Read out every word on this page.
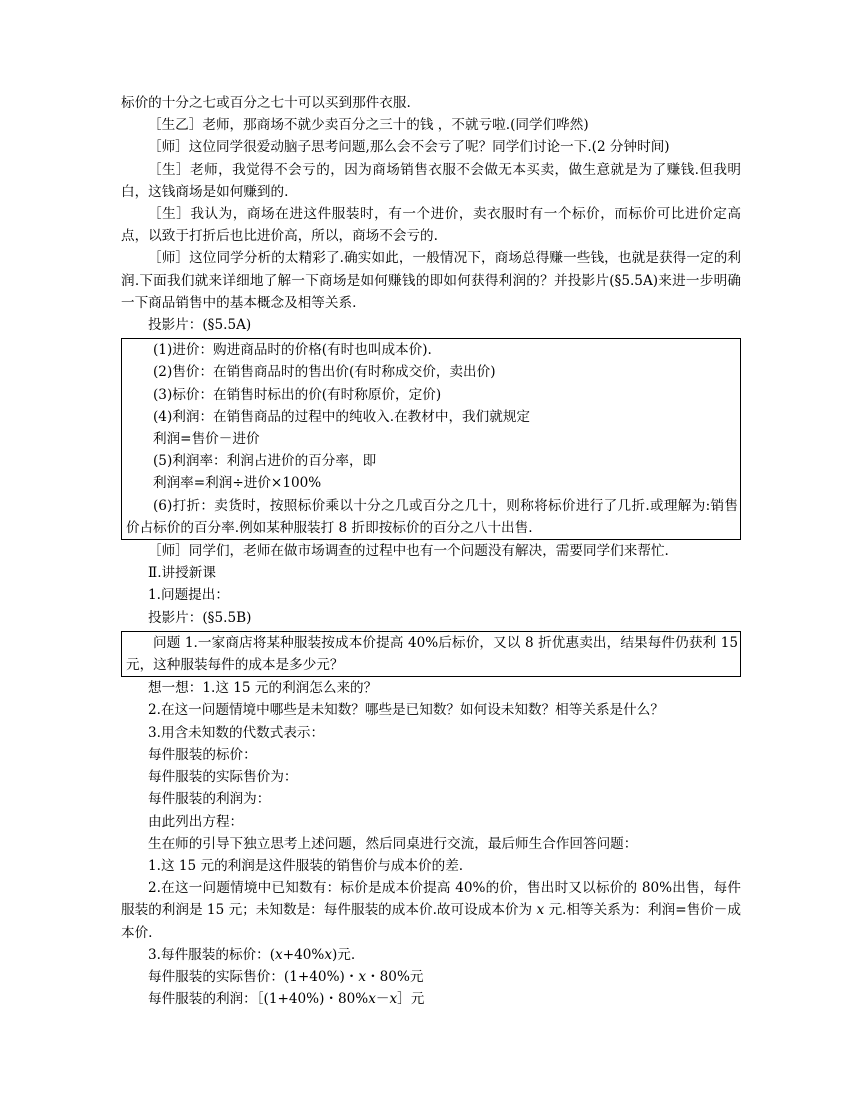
标价的十分之七或百分之七十可以买到那件衣服.

［生乙］老师，那商场不就少卖百分之三十的钱 ，不就亏啦.(同学们哗然)

［师］这位同学很爱动脑子思考问题,那么会不会亏了呢？同学们讨论一下.(2 分钟时间)

［生］老师，我觉得不会亏的，因为商场销售衣服不会做无本买卖，做生意就是为了赚钱.但我明白，这钱商场是如何赚到的.

［生］我认为，商场在进这件服装时，有一个进价，卖衣服时有一个标价，而标价可比进价定高点，以致于打折后也比进价高，所以，商场不会亏的.

［师］这位同学分析的太精彩了.确实如此，一般情况下，商场总得赚一些钱，也就是获得一定的利润.下面我们就来详细地了解一下商场是如何赚钱的即如何获得利润的？并投影片(§5.5A)来进一步明确一下商品销售中的基本概念及相等关系.

投影片：(§5.5A)

(1)进价：购进商品时的价格(有时也叫成本价).

(2)售价：在销售商品时的售出价(有时称成交价，卖出价)

(3)标价：在销售时标出的价(有时称原价，定价)

(4)利润：在销售商品的过程中的纯收入.在教材中，我们就规定

利润=售价－进价

(5)利润率：利润占进价的百分率，即

利润率=利润÷进价×100%

(6)打折：卖货时，按照标价乘以十分之几或百分之几十，则称将标价进行了几折.或理解为:销售价占标价的百分率.例如某种服装打 8 折即按标价的百分之八十出售.

［师］同学们，老师在做市场调查的过程中也有一个问题没有解决，需要同学们来帮忙.

Ⅱ.讲授新课

1.问题提出：

投影片：(§5.5B)

问题 1.一家商店将某种服装按成本价提高 40%后标价，又以 8 折优惠卖出，结果每件仍获利 15 元，这种服装每件的成本是多少元？

想一想：1.这 15 元的利润怎么来的？

2.在这一问题情境中哪些是未知数？哪些是已知数？如何设未知数？相等关系是什么？

3.用含未知数的代数式表示：

每件服装的标价：

每件服装的实际售价为：

每件服装的利润为：

由此列出方程：

生在师的引导下独立思考上述问题，然后同桌进行交流，最后师生合作回答问题：

1.这 15 元的利润是这件服装的销售价与成本价的差.

2.在这一问题情境中已知数有：标价是成本价提高 40%的价，售出时又以标价的 80%出售，每件服装的利润是 15 元；未知数是：每件服装的成本价.故可设成本价为 x 元.相等关系为：利润=售价－成本价.

3.每件服装的标价：(x+40%x)元.

每件服装的实际售价：(1+40%)・x・80%元

每件服装的利润：［(1+40%)・80%x－x］元
